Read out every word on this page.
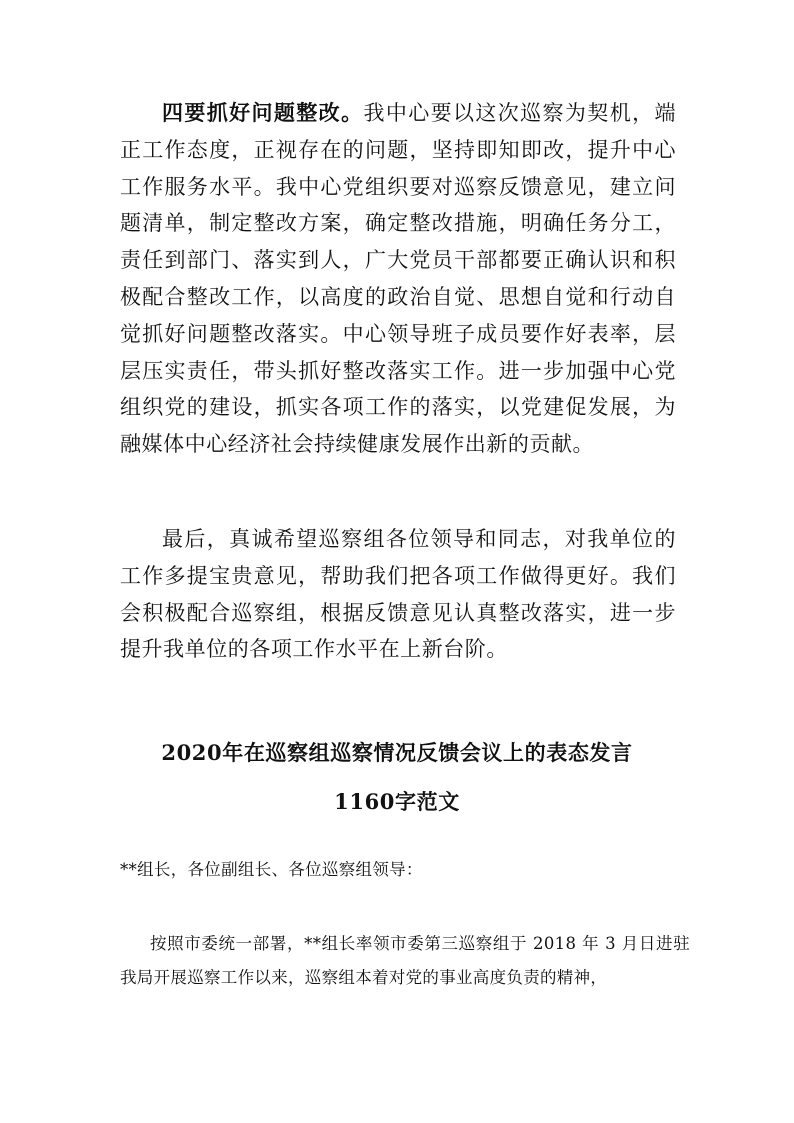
四要抓好问题整改。我中心要以这次巡察为契机，端正工作态度，正视存在的问题，坚持即知即改，提升中心工作服务水平。我中心党组织要对巡察反馈意见，建立问题清单，制定整改方案，确定整改措施，明确任务分工，责任到部门、落实到人，广大党员干部都要正确认识和积极配合整改工作，以高度的政治自觉、思想自觉和行动自觉抓好问题整改落实。中心领导班子成员要作好表率，层层压实责任，带头抓好整改落实工作。进一步加强中心党组织党的建设，抓实各项工作的落实，以党建促发展，为融媒体中心经济社会持续健康发展作出新的贡献。
最后，真诚希望巡察组各位领导和同志，对我单位的工作多提宝贵意见，帮助我们把各项工作做得更好。我们会积极配合巡察组，根据反馈意见认真整改落实，进一步提升我单位的各项工作水平在上新台阶。
2020年在巡察组巡察情况反馈会议上的表态发言
1160字范文
**组长，各位副组长、各位巡察组领导：
按照市委统一部署，**组长率领市委第三巡察组于 2018 年 3 月日进驻我局开展巡察工作以来，巡察组本着对党的事业高度负责的精神，
